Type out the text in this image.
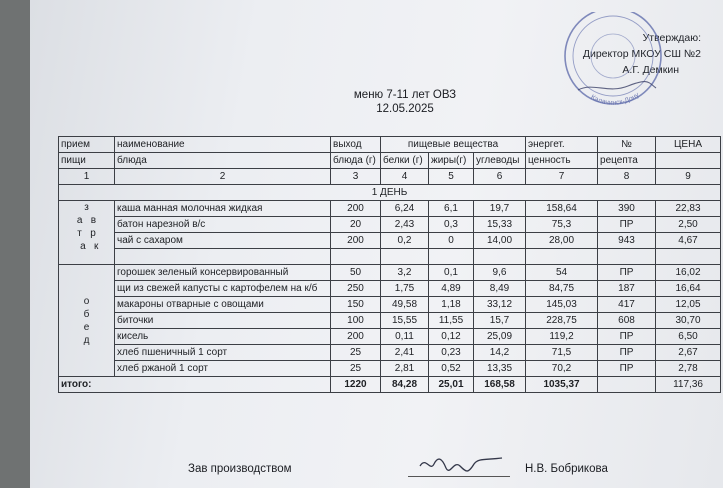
Утверждаю:
Директор МКОУ СШ №2
А.Г. Демкин
Калачинск-Дону
меню 7-11 лет ОВЗ
12.05.2025
прием	наименование	выход	пищевые вещества			энергет.	№	ЦЕНА
пищи	блюда	блюда (г)	белки (г)	жиры(г)	углеводы	ценность	рецепта	
1	2	3	4	5	6	7	8	9
1 ДЕНЬ								

з
а в
т р
а к	каша манная молочная жидкая	200	6,24	6,1	19,7	158,64	390	22,83
	батон нарезной в/с	20	2,43	0,3	15,33	75,3	ПР	2,50
	чай с сахаром	200	0,2	0	14,00	28,00	943	4,67

о
б
е
д	горошек зеленый консервированный	50	3,2	0,1	9,6	54	ПР	16,02
	щи из свежей капусты с картофелем на к/б	250	1,75	4,89	8,49	84,75	187	16,64
	макароны отварные с овощами	150	49,58	1,18	33,12	145,03	417	12,05
	биточки	100	15,55	11,55	15,7	228,75	608	30,70
	кисель	200	0,11	0,12	25,09	119,2	ПР	6,50
	хлеб пшеничный 1 сорт	25	2,41	0,23	14,2	71,5	ПР	2,67
	хлеб ржаной 1 сорт	25	2,81	0,52	13,35	70,2	ПР	2,78
итого:		1220	84,28	25,01	168,58	1035,37		117,36
Зав производством	Н.В. Бобрикова
